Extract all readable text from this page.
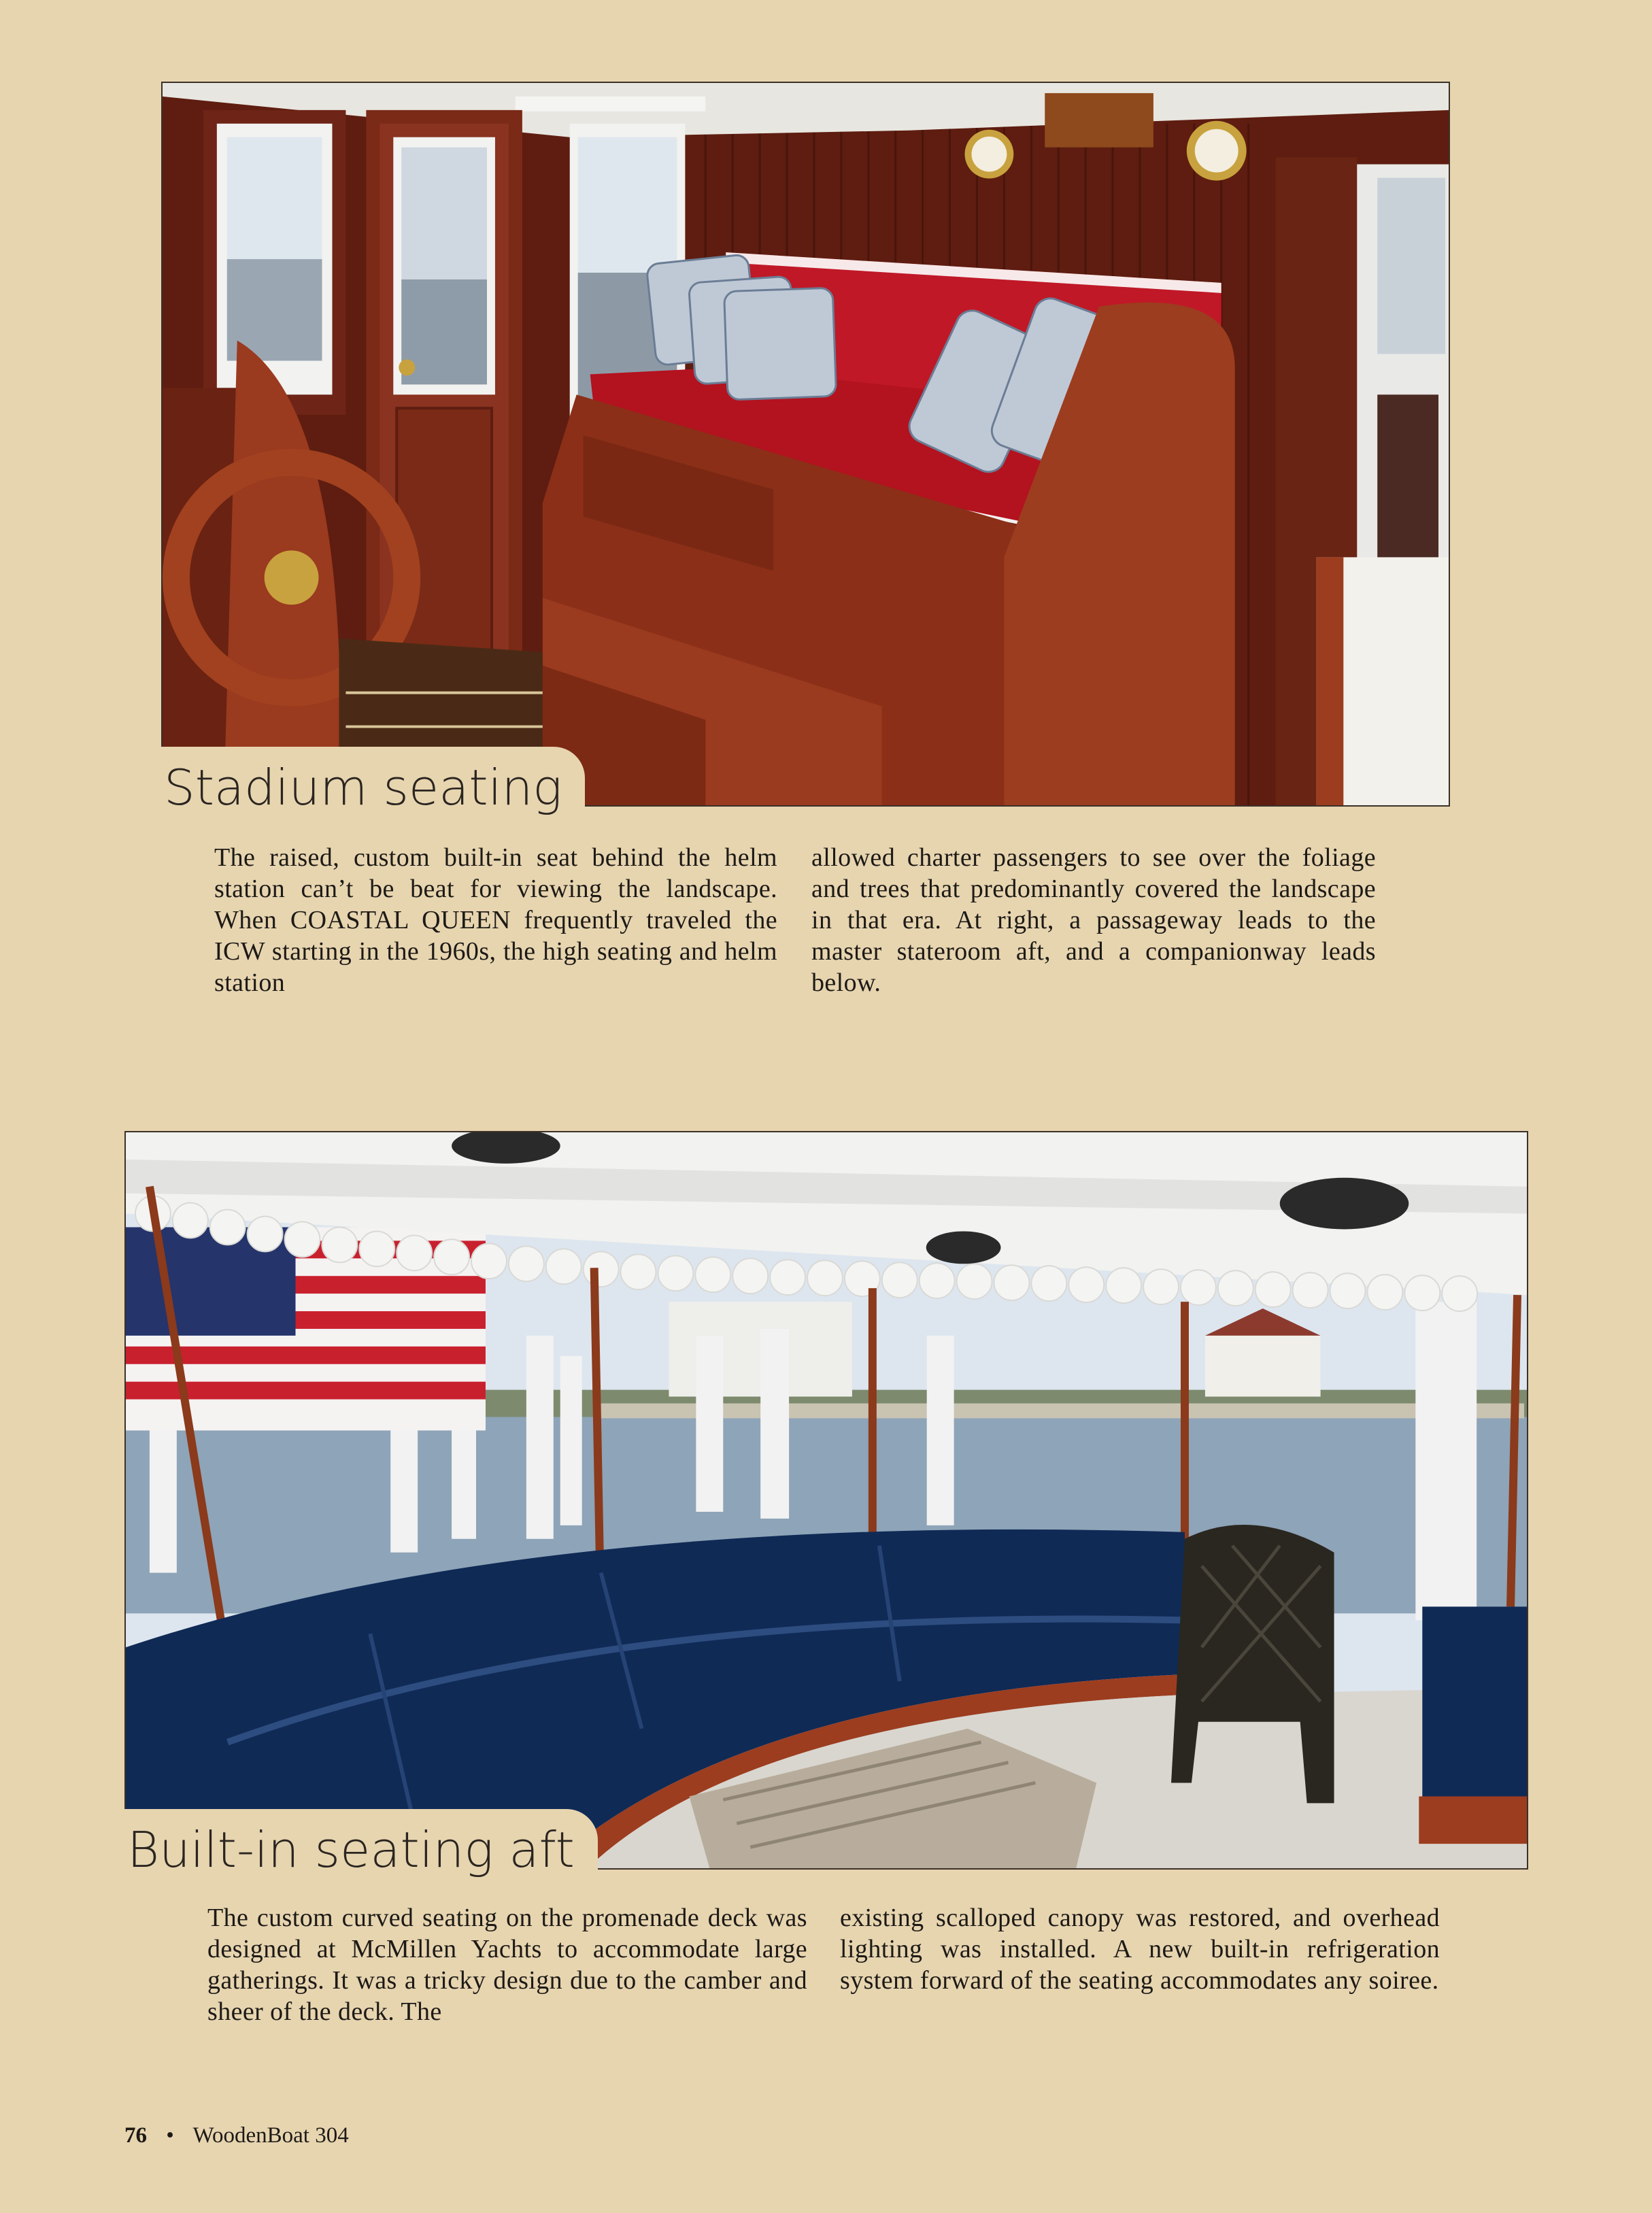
Stadium seating
The raised, custom built-in seat behind the helm station can’t be beat for viewing the landscape. When COASTAL QUEEN frequently traveled the ICW starting in the 1960s, the high seating and helm station
allowed charter passengers to see over the foliage and trees that predominantly covered the landscape in that era. At right, a passageway leads to the master stateroom aft, and a companionway leads below.
Built-in seating aft
The custom curved seating on the promenade deck was designed at McMillen Yachts to accommodate large gatherings. It was a tricky design due to the camber and sheer of the deck. The
existing scalloped canopy was restored, and overhead lighting was installed. A new built-in refrigeration system forward of the seating accommodates any soiree.
76 • WoodenBoat 304
